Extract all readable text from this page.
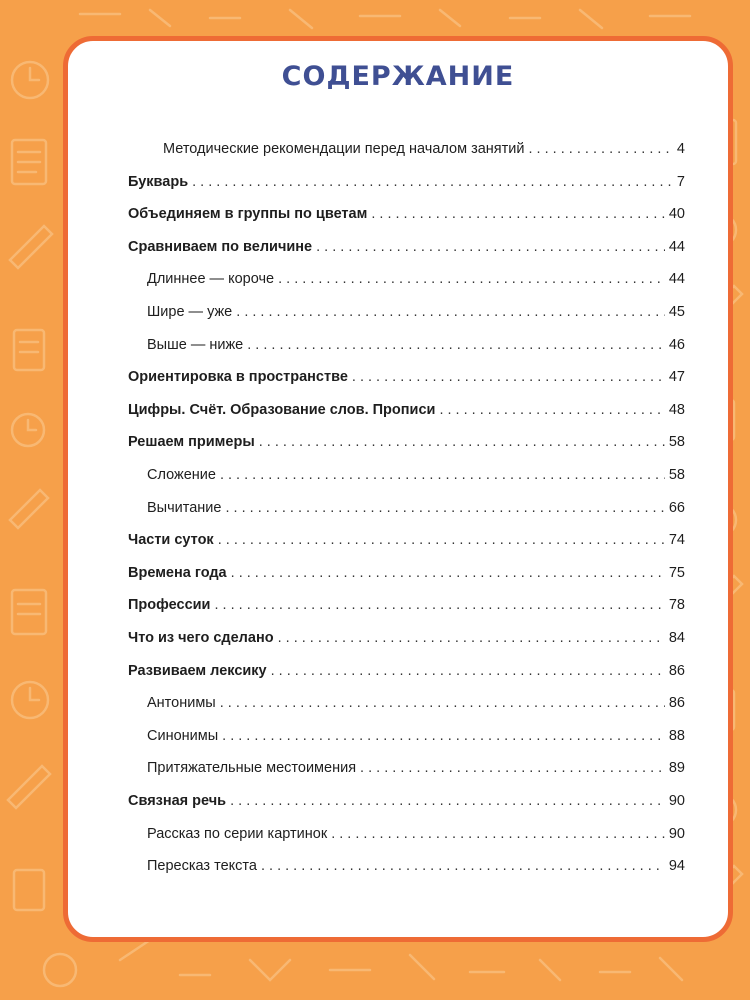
СОДЕРЖАНИЕ
Методические рекомендации перед началом занятий . . .	4
Букварь . . .	7
Объединяем в группы по цветам . . .	40
Сравниваем по величине . . .	44
Длиннее — короче . . .	44
Шире — уже . . .	45
Выше — ниже . . .	46
Ориентировка в пространстве . . .	47
Цифры. Счёт. Образование слов. Прописи . . .	48
Решаем примеры . . .	58
Сложение . . .	58
Вычитание . . .	66
Части суток . . .	74
Времена года . . .	75
Профессии . . .	78
Что из чего сделано . . .	84
Развиваем лексику . . .	86
Антонимы . . .	86
Синонимы . . .	88
Притяжательные местоимения . . .	89
Связная речь . . .	90
Рассказ по серии картинок . . .	90
Пересказ текста . . .	94
